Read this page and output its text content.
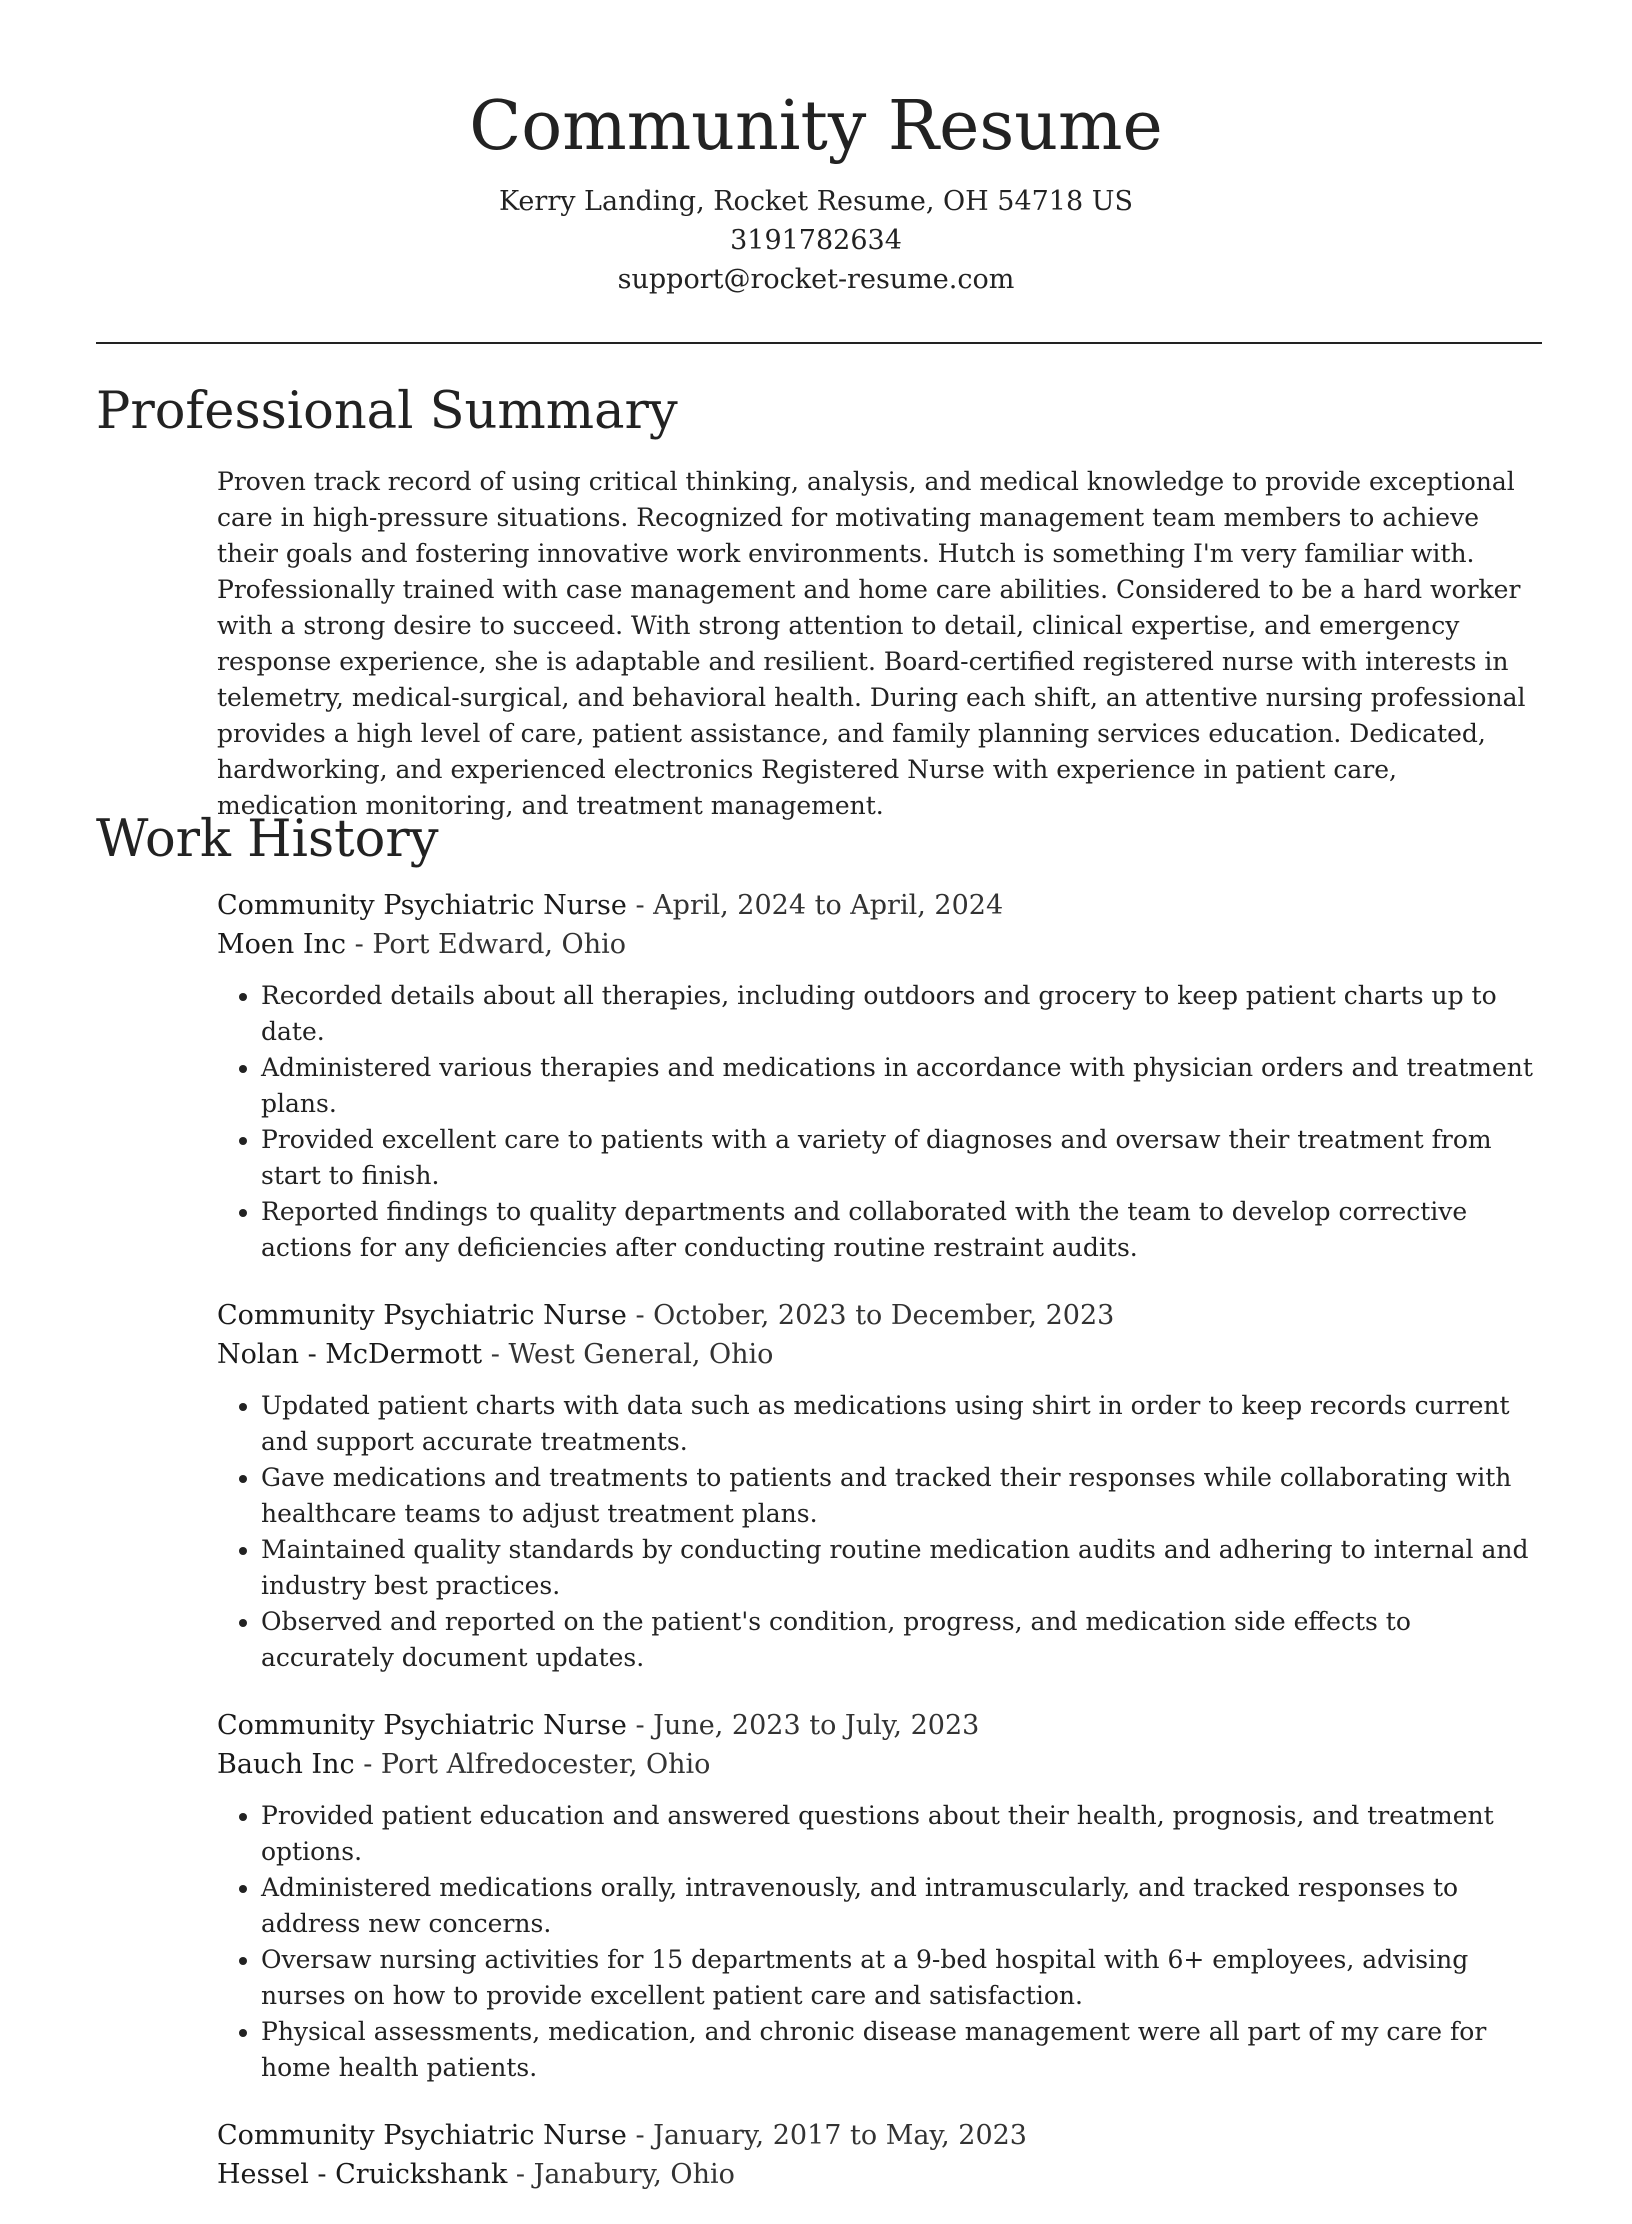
Community Resume

Kerry Landing, Rocket Resume, OH 54718 US

3191782634

support@rocket-resume.com

Professional Summary

Proven track record of using critical thinking, analysis, and medical knowledge to provide exceptional care in high-pressure situations. Recognized for motivating management team members to achieve their goals and fostering innovative work environments. Hutch is something I'm very familiar with. Professionally trained with case management and home care abilities. Considered to be a hard worker with a strong desire to succeed. With strong attention to detail, clinical expertise, and emergency response experience, she is adaptable and resilient. Board-certified registered nurse with interests in telemetry, medical-surgical, and behavioral health. During each shift, an attentive nursing professional provides a high level of care, patient assistance, and family planning services education. Dedicated, hardworking, and experienced electronics Registered Nurse with experience in patient care, medication monitoring, and treatment management.

Work History

Community Psychiatric Nurse - April, 2024 to April, 2024

Moen Inc - Port Edward, Ohio

• Recorded details about all therapies, including outdoors and grocery to keep patient charts up to date.
• Administered various therapies and medications in accordance with physician orders and treatment plans.
• Provided excellent care to patients with a variety of diagnoses and oversaw their treatment from start to finish.
• Reported findings to quality departments and collaborated with the team to develop corrective actions for any deficiencies after conducting routine restraint audits.

Community Psychiatric Nurse - October, 2023 to December, 2023

Nolan - McDermott - West General, Ohio

• Updated patient charts with data such as medications using shirt in order to keep records current and support accurate treatments.
• Gave medications and treatments to patients and tracked their responses while collaborating with healthcare teams to adjust treatment plans.
• Maintained quality standards by conducting routine medication audits and adhering to internal and industry best practices.
• Observed and reported on the patient's condition, progress, and medication side effects to accurately document updates.

Community Psychiatric Nurse - June, 2023 to July, 2023

Bauch Inc - Port Alfredocester, Ohio

• Provided patient education and answered questions about their health, prognosis, and treatment options.
• Administered medications orally, intravenously, and intramuscularly, and tracked responses to address new concerns.
• Oversaw nursing activities for 15 departments at a 9-bed hospital with 6+ employees, advising nurses on how to provide excellent patient care and satisfaction.
• Physical assessments, medication, and chronic disease management were all part of my care for home health patients.

Community Psychiatric Nurse - January, 2017 to May, 2023

Hessel - Cruickshank - Janabury, Ohio
